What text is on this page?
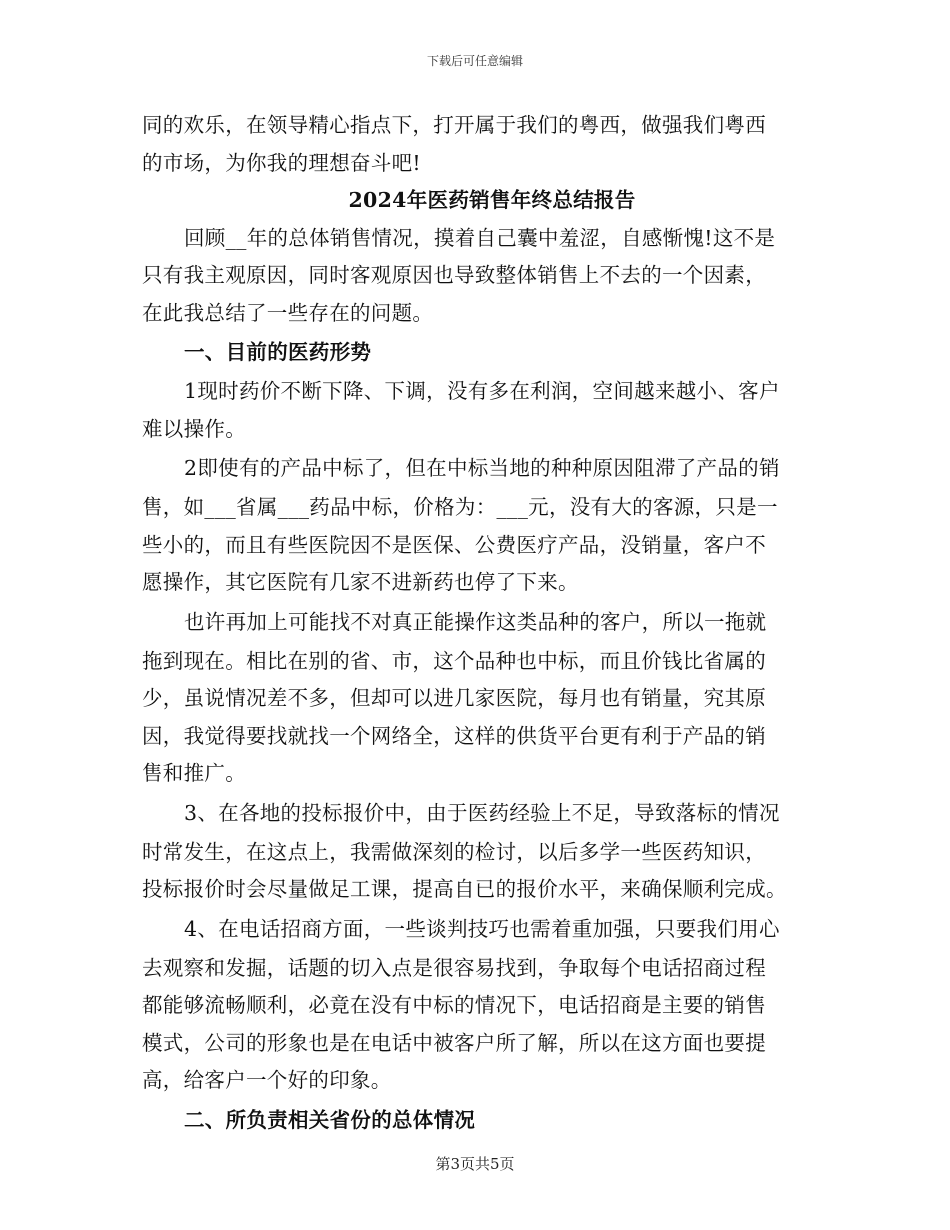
下载后可任意编辑
同的欢乐，在领导精心指点下，打开属于我们的粤西，做强我们粤西
的市场，为你我的理想奋斗吧!
2024年医药销售年终总结报告
回顾__年的总体销售情况，摸着自己囊中羞涩，自感惭愧!这不是
只有我主观原因，同时客观原因也导致整体销售上不去的一个因素，
在此我总结了一些存在的问题。
一、目前的医药形势
1现时药价不断下降、下调，没有多在利润，空间越来越小、客户
难以操作。
2即使有的产品中标了，但在中标当地的种种原因阻滞了产品的销
售，如___省属___药品中标，价格为：___元，没有大的客源，只是一
些小的，而且有些医院因不是医保、公费医疗产品，没销量，客户不
愿操作，其它医院有几家不进新药也停了下来。
也许再加上可能找不对真正能操作这类品种的客户，所以一拖就
拖到现在。相比在别的省、市，这个品种也中标，而且价钱比省属的
少，虽说情况差不多，但却可以进几家医院，每月也有销量，究其原
因，我觉得要找就找一个网络全，这样的供货平台更有利于产品的销
售和推广。
3、在各地的投标报价中，由于医药经验上不足，导致落标的情况
时常发生，在这点上，我需做深刻的检讨，以后多学一些医药知识，
投标报价时会尽量做足工课，提高自已的报价水平，来确保顺利完成。
4、在电话招商方面，一些谈判技巧也需着重加强，只要我们用心
去观察和发掘，话题的切入点是很容易找到，争取每个电话招商过程
都能够流畅顺利，必竟在没有中标的情况下，电话招商是主要的销售
模式，公司的形象也是在电话中被客户所了解，所以在这方面也要提
高，给客户一个好的印象。
二、所负责相关省份的总体情况
第3页共5页
